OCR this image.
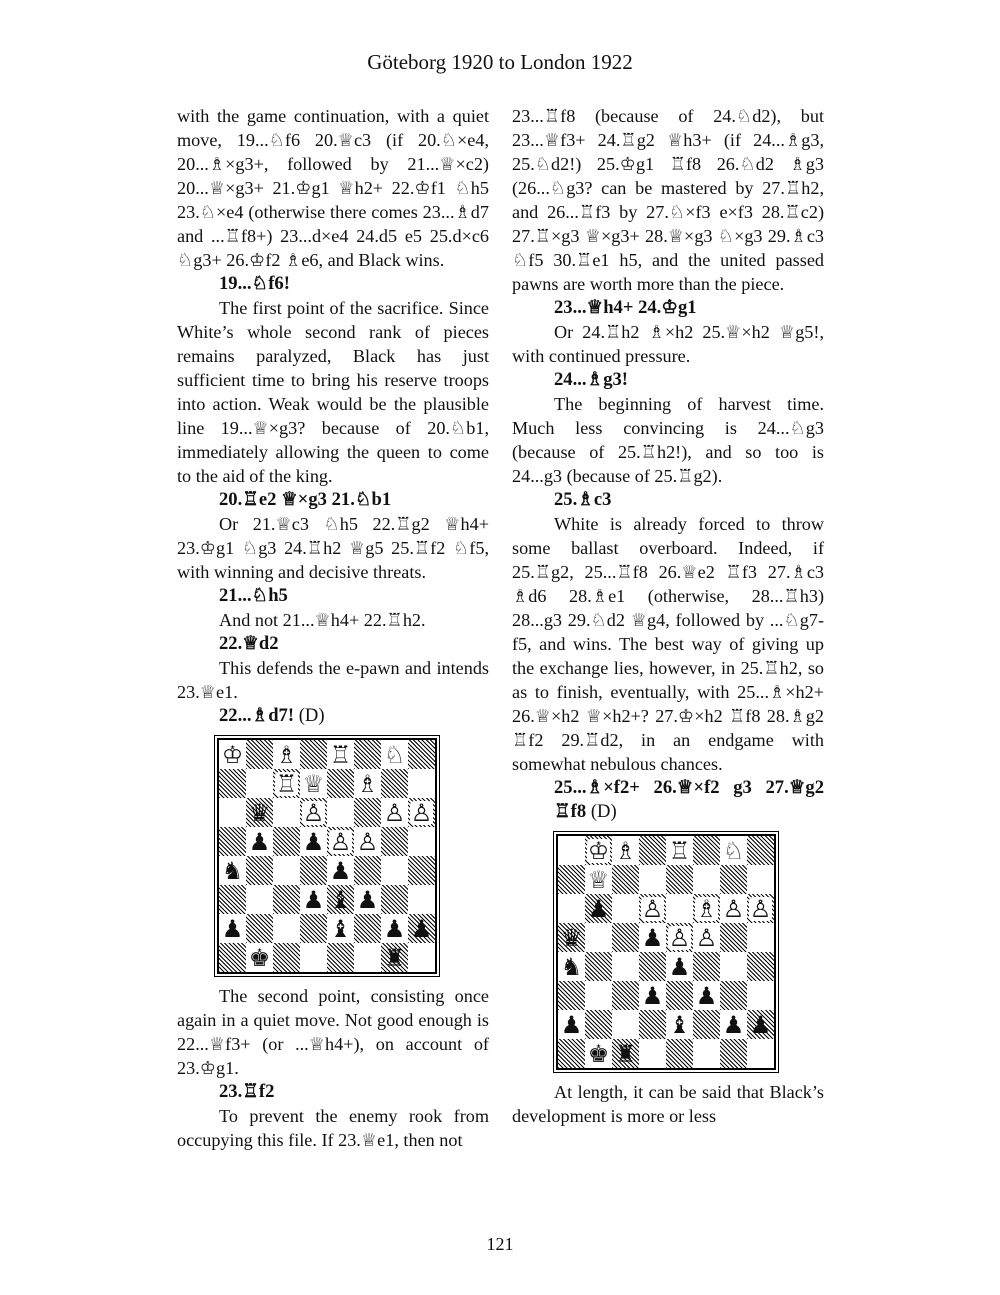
Göteborg 1920 to London 1922

with the game continuation, with a quiet move, 19...♘f6 20.♕c3 (if 20.♘×e4, 20...♗×g3+, followed by 21...♕×c2) 20...♕×g3+ 21.♔g1 ♕h2+ 22.♔f1 ♘h5 23.♘×e4 (otherwise there comes 23...♗d7 and ...♖f8+) 23...d×e4 24.d5 e5 25.d×c6 ♘g3+ 26.♔f2 ♗e6, and Black wins.

19...♘f6!

The first point of the sacrifice. Since White’s whole second rank of pieces remains paralyzed, Black has just sufficient time to bring his reserve troops into action. Weak would be the plausible line 19...♕×g3? because of 20.♘b1, immediately allowing the queen to come to the aid of the king.

20.♖e2 ♕×g3 21.♘b1

Or 21.♕c3 ♘h5 22.♖g2 ♕h4+ 23.♔g1 ♘g3 24.♖h2 ♕g5 25.♖f2 ♘f5, with winning and decisive threats.

21...♘h5

And not 21...♕h4+ 22.♖h2.

22.♕d2

This defends the e-pawn and intends 23.♕e1.

22...♗d7! (D)

♔ ♗ ♖ ♘
♖ ♕ ♗
♛ ♙ ♙ ♙
♟ ♟ ♙ ♙
♞	♟
♟ ♝ ♟
♟	♝ ♟ ♟
♚	♜

The second point, consisting once again in a quiet move. Not good enough is 22...♕f3+ (or ...♕h4+), on account of 23.♔g1.

23.♖f2

To prevent the enemy rook from occupying this file. If 23.♕e1, then not

23...♖f8 (because of 24.♘d2), but 23...♕f3+ 24.♖g2 ♕h3+ (if 24...♗g3, 25.♘d2!) 25.♔g1 ♖f8 26.♘d2 ♗g3 (26...♘g3? can be mastered by 27.♖h2, and 26...♖f3 by 27.♘×f3 e×f3 28.♖c2) 27.♖×g3 ♕×g3+ 28.♕×g3 ♘×g3 29.♗c3 ♘f5 30.♖e1 h5, and the united passed pawns are worth more than the piece.

23...♕h4+ 24.♔g1

Or 24.♖h2 ♗×h2 25.♕×h2 ♕g5!, with continued pressure.

24...♗g3!

The beginning of harvest time. Much less convincing is 24...♘g3 (because of 25.♖h2!), and so too is 24...g3 (because of 25.♖g2).

25.♗c3

White is already forced to throw some ballast overboard. Indeed, if 25.♖g2, 25...♖f8 26.♕e2 ♖f3 27.♗c3 ♗d6 28.♗e1 (otherwise, 28...♖h3) 28...g3 29.♘d2 ♕g4, followed by ...♘g7-f5, and wins. The best way of giving up the exchange lies, however, in 25.♖h2, so as to finish, eventually, with 25...♗×h2+ 26.♕×h2 ♕×h2+? 27.♔×h2 ♖f8 28.♗g2 ♖f2 29.♖d2, in an endgame with somewhat nebulous chances.

25...♗×f2+ 26.♕×f2 g3 27.♕g2 ♖f8 (D)

♔ ♗ ♖ ♘
♕
♟ ♙ ♗ ♙ ♙
♛ ♟ ♙ ♙
♞	♟
♟ ♟
♟	♝ ♟ ♟
♚ ♜

At length, it can be said that Black’s development is more or less

121
